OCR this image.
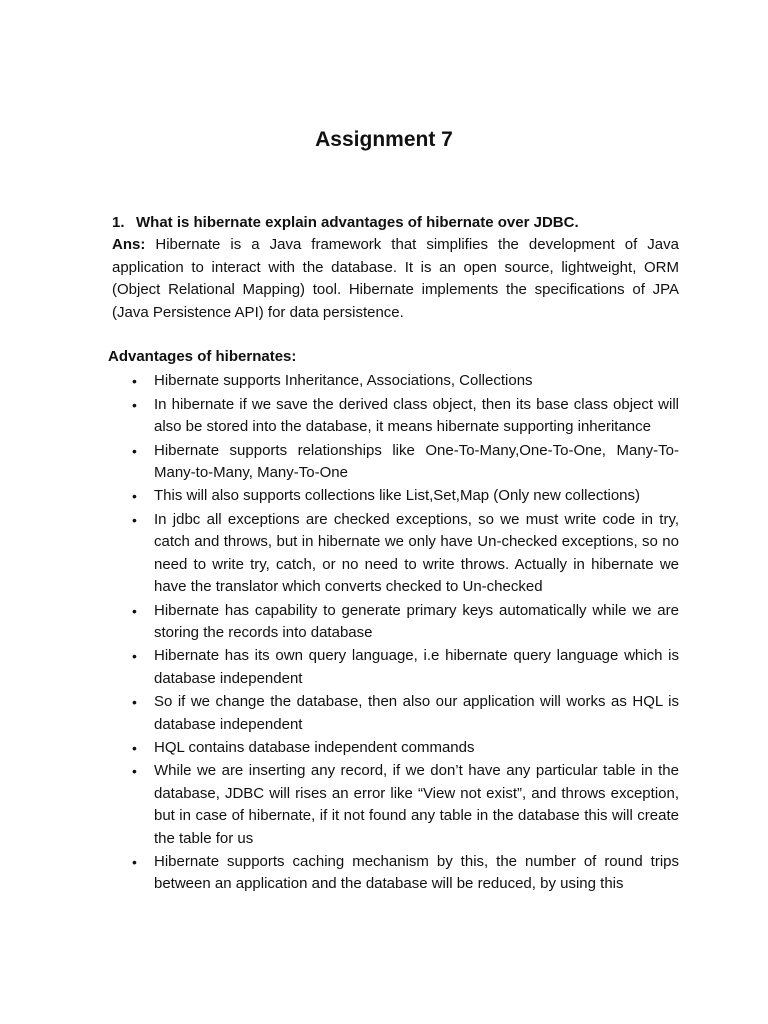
Assignment 7

1. What is hibernate explain advantages of hibernate over JDBC.

Ans: Hibernate is a Java framework that simplifies the development of Java application to interact with the database. It is an open source, lightweight, ORM (Object Relational Mapping) tool. Hibernate implements the specifications of JPA (Java Persistence API) for data persistence.

Advantages of hibernates:

• Hibernate supports Inheritance, Associations, Collections
• In hibernate if we save the derived class object, then its base class object will also be stored into the database, it means hibernate supporting inheritance
• Hibernate supports relationships like One-To-Many,One-To-One, Many-To-Many-to-Many, Many-To-One
• This will also supports collections like List,Set,Map (Only new collections)
• In jdbc all exceptions are checked exceptions, so we must write code in try, catch and throws, but in hibernate we only have Un-checked exceptions, so no need to write try, catch, or no need to write throws. Actually in hibernate we have the translator which converts checked to Un-checked
• Hibernate has capability to generate primary keys automatically while we are storing the records into database
• Hibernate has its own query language, i.e hibernate query language which is database independent
• So if we change the database, then also our application will works as HQL is database independent
• HQL contains database independent commands
• While we are inserting any record, if we don’t have any particular table in the database, JDBC will rises an error like “View not exist”, and throws exception, but in case of hibernate, if it not found any table in the database this will create the table for us
• Hibernate supports caching mechanism by this, the number of round trips between an application and the database will be reduced, by using this
